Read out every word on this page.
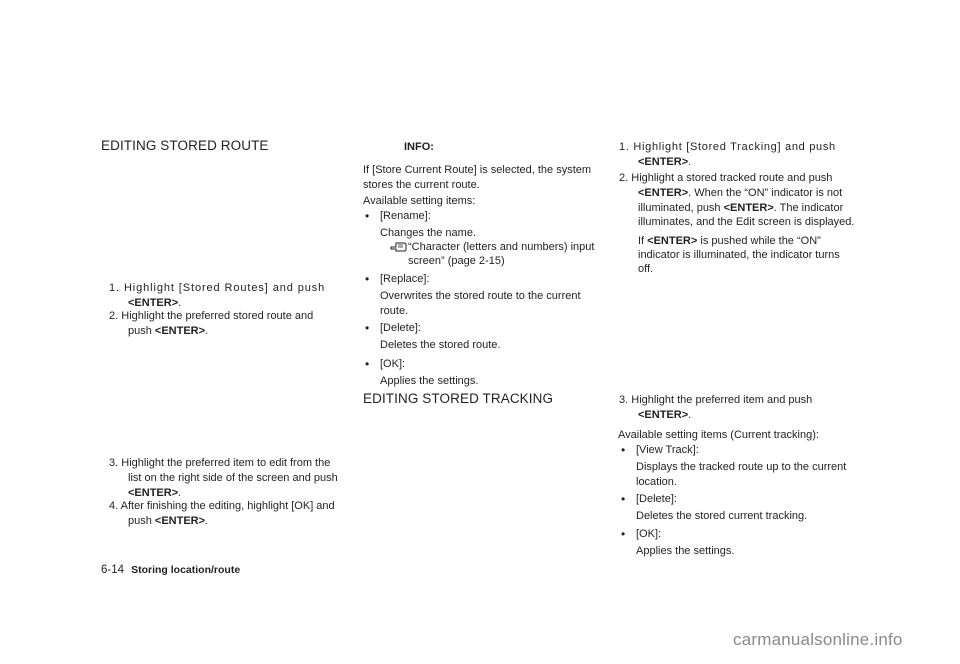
EDITING STORED ROUTE
1. Highlight [Stored Routes] and push
<ENTER>.
2. Highlight the preferred stored route and
push <ENTER>.
3. Highlight the preferred item to edit from the
list on the right side of the screen and push
<ENTER>.
4. After finishing the editing, highlight [OK] and
push <ENTER>.
INFO:
If [Store Current Route] is selected, the system
stores the current route.
Available setting items:
• [Rename]:
Changes the name.
“Character (letters and numbers) input
screen” (page 2-15)
• [Replace]:
Overwrites the stored route to the current
route.
• [Delete]:
Deletes the stored route.
• [OK]:
Applies the settings.
EDITING STORED TRACKING
1. Highlight [Stored Tracking] and push
<ENTER>.
2. Highlight a stored tracked route and push
<ENTER>. When the “ON” indicator is not
illuminated, push <ENTER>. The indicator
illuminates, and the Edit screen is displayed.
If <ENTER> is pushed while the “ON”
indicator is illuminated, the indicator turns
off.
3. Highlight the preferred item and push
<ENTER>.
Available setting items (Current tracking):
• [View Track]:
Displays the tracked route up to the current
location.
• [Delete]:
Deletes the stored current tracking.
• [OK]:
Applies the settings.
6-14 Storing location/route
carmanualsonline.info
